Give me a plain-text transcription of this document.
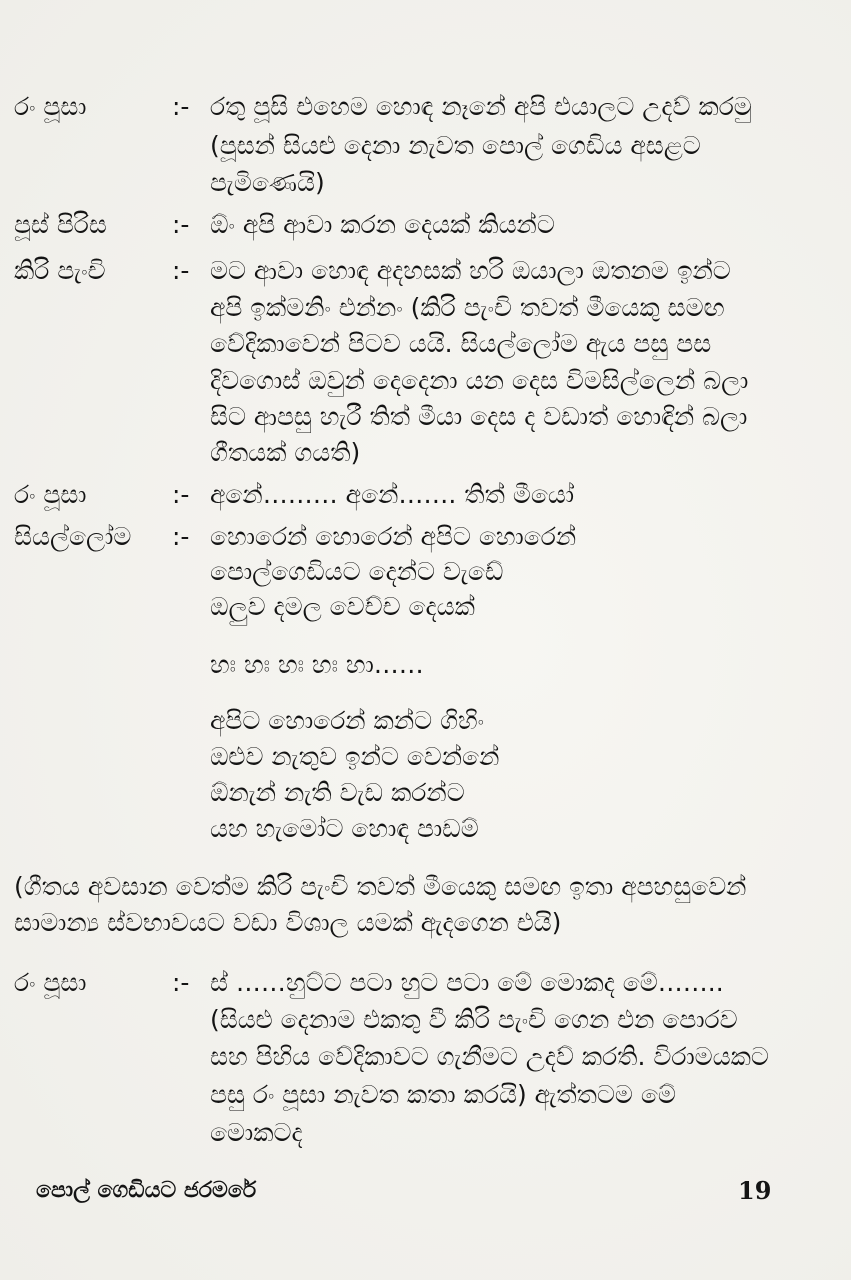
රං පූසා	:- රතු පූසි එහෙම හොඳ නෑනේ අපි එයාලට උදව් කරමු
(පූසන් සියළු දෙනා නැවත පොල් ගෙඩිය අසළට
පැමිණෙයි)
පූස් පිරිස	:- ඕං අපි ආවා කරන දෙයක් කියන්ට
කිරි පැංචි	:- මට ආවා හොඳ අදහසක් හරි ඔයාලා ඔතනම ඉන්ට
අපි ඉක්මනිං එන්නං (කිරි පැංචි තවත් මීයෙකු සමඟ
වේදිකාවෙන් පිටව යයි. සියල්ලෝම ඇය පසු පස
දිවගොස් ඔවුන් දෙදෙනා යන දෙස විමසිල්ලෙන් බලා
සිට ආපසු හැරී තිත් මීයා දෙස ද වඩාත් හොඳින් බලා
ගීතයක් ගයති)
රං පූසා	:- අනේ……… අනේ……. තිත් මීයෝ
සියල්ලෝම :- හොරෙන් හොරෙන් අපිට හොරෙන්
පොල්ගෙඩියට දෙන්ට වැඩේ
ඔලුව දමල වෙච්ච දෙයක්
හඃ හඃ හඃ හඃ හා……
අපිට හොරෙන් කන්ට ගිහිං
ඔළුව නැතුව ඉන්ට වෙන්නේ
ඕනැන් නැති වැඩ කරන්ට
යහ හැමෝට හොඳ පාඩම්
(ගීතය අවසාන වෙත්ම කිරි පැංචි තවත් මීයෙකු සමඟ ඉතා අපහසුවෙන්
සාමාන්‍ය ස්වභාවයට වඩා විශාල යමක් ඇදගෙන එයි)
රං පූසා	:- ස් ……හුට්ට පටා හුට පටා මේ මොකද මේ……..
(සියළු දෙනාම එකතු වී කිරි පැංචි ගෙන එන පොරව
සහ පිහිය වේදිකාවට ගැනීමට උදව් කරති. විරාමයකට
පසු රං පූසා නැවත කතා කරයි) ඇත්තටම මේ
මොකටද
පොල් ගෙඩියට ජරමරේ	19
